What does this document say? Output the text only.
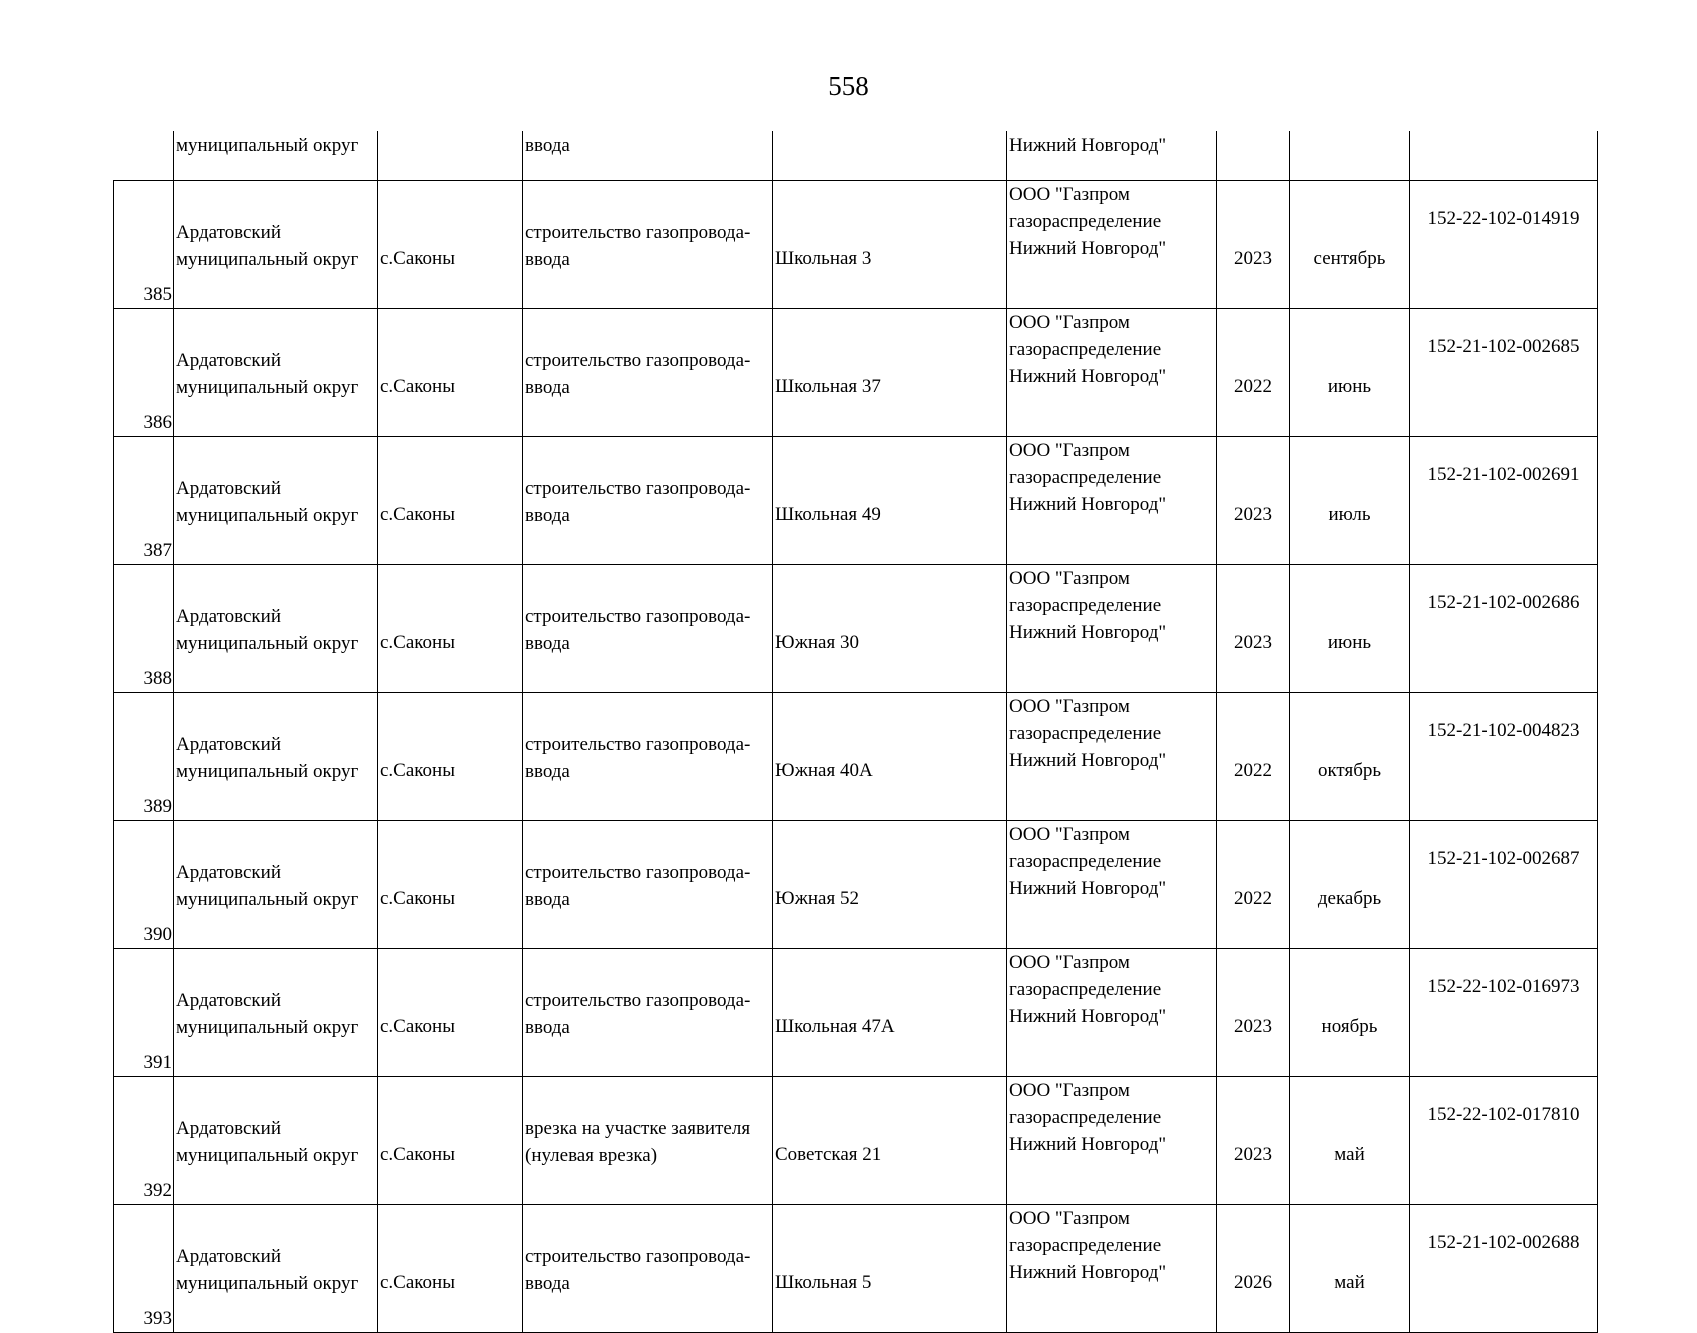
558
	муниципальный округ		ввода		Нижний Новгород"			
385	Ардатовский
муниципальный округ	с.Саконы	строительство газопровода-
ввода	Школьная 3	ООО "Газпром
газораспределение
Нижний Новгород"	2023	сентябрь	152-22-102-014919
386	Ардатовский
муниципальный округ	с.Саконы	строительство газопровода-
ввода	Школьная 37	ООО "Газпром
газораспределение
Нижний Новгород"	2022	июнь	152-21-102-002685
387	Ардатовский
муниципальный округ	с.Саконы	строительство газопровода-
ввода	Школьная 49	ООО "Газпром
газораспределение
Нижний Новгород"	2023	июль	152-21-102-002691
388	Ардатовский
муниципальный округ	с.Саконы	строительство газопровода-
ввода	Южная 30	ООО "Газпром
газораспределение
Нижний Новгород"	2023	июнь	152-21-102-002686
389	Ардатовский
муниципальный округ	с.Саконы	строительство газопровода-
ввода	Южная 40А	ООО "Газпром
газораспределение
Нижний Новгород"	2022	октябрь	152-21-102-004823
390	Ардатовский
муниципальный округ	с.Саконы	строительство газопровода-
ввода	Южная 52	ООО "Газпром
газораспределение
Нижний Новгород"	2022	декабрь	152-21-102-002687
391	Ардатовский
муниципальный округ	с.Саконы	строительство газопровода-
ввода	Школьная 47А	ООО "Газпром
газораспределение
Нижний Новгород"	2023	ноябрь	152-22-102-016973
392	Ардатовский
муниципальный округ	с.Саконы	врезка на участке заявителя
(нулевая врезка)	Советская 21	ООО "Газпром
газораспределение
Нижний Новгород"	2023	май	152-22-102-017810
393	Ардатовский
муниципальный округ	с.Саконы	строительство газопровода-
ввода	Школьная 5	ООО "Газпром
газораспределение
Нижний Новгород"	2026	май	152-21-102-002688
